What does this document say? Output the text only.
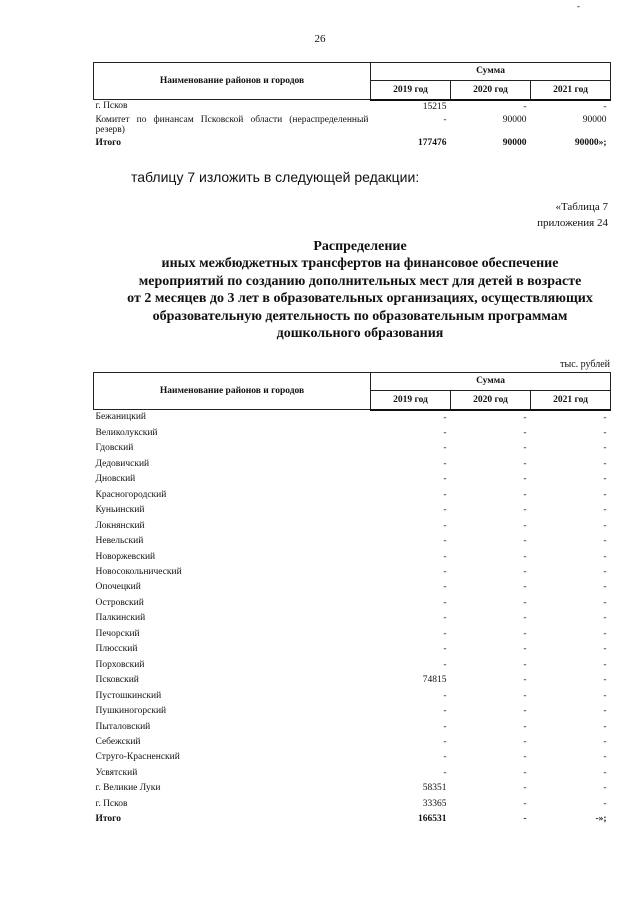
26
‑
Наименование районов и городов	Сумма		
	2019 год	2020 год	2021 год
г. Псков	15215	-	-
Комитет по финансам Псковской области (нераспределенный резерв)	-	90000	90000
Итого	177476	90000	90000»;
таблицу 7 изложить в следующей редакции:
«Таблица 7
приложения 24
Распределение
иных межбюджетных трансфертов на финансовое обеспечение
мероприятий по созданию дополнительных мест для детей в возрасте
от 2 месяцев до 3 лет в образовательных организациях, осуществляющих
образовательную деятельность по образовательным программам
дошкольного образования
тыс. рублей
Наименование районов и городов	Сумма		
	2019 год	2020 год	2021 год
Бежаницкий	-	-	-
Великолукский	-	-	-
Гдовский	-	-	-
Дедовичский	-	-	-
Дновский	-	-	-
Красногородский	-	-	-
Куньинский	-	-	-
Локнянский	-	-	-
Невельский	-	-	-
Новоржевский	-	-	-
Новосокольнический	-	-	-
Опочецкий	-	-	-
Островский	-	-	-
Палкинский	-	-	-
Печорский	-	-	-
Плюсский	-	-	-
Порховский	-	-	-
Псковский	74815	-	-
Пустошкинский	-	-	-
Пушкиногорский	-	-	-
Пыталовский	-	-	-
Себежский	-	-	-
Струго-Красненский	-	-	-
Усвятский	-	-	-
г. Великие Луки	58351	-	-
г. Псков	33365	-	-
Итого	166531	-	-»;
